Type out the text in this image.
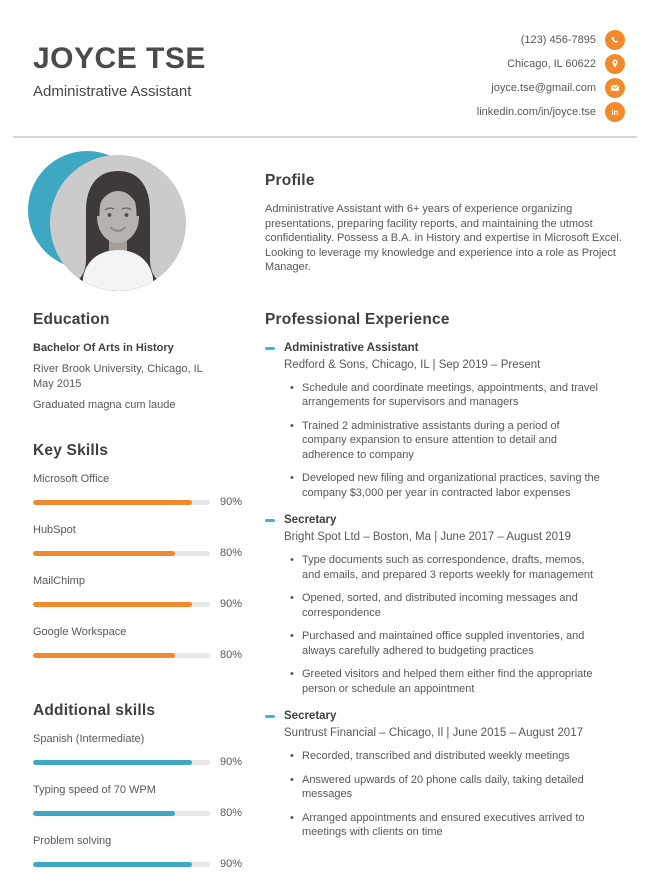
JOYCE TSE
Administrative Assistant
(123) 456-7895
Chicago, IL 60622
joyce.tse@gmail.com
linkedin.com/in/joyce.tse in
Education
Bachelor Of Arts in History
River Brook University, Chicago, IL
May 2015
Graduated magna cum laude
Key Skills
Microsoft Office
90%
HubSpot
80%
MailChimp
90%
Google Workspace
80%
Additional skills
Spanish (Intermediate)
90%
Typing speed of 70 WPM
80%
Problem solving
90%
Profile

Administrative Assistant with 6+ years of experience organizing presentations, preparing facility reports, and maintaining the utmost confidentiality. Possess a B.A. in History and expertise in Microsoft Excel. Looking to leverage my knowledge and experience into a role as Project Manager.

Professional Experience
Administrative Assistant
Redford & Sons, Chicago, IL | Sep 2019 – Present
• Schedule and coordinate meetings, appointments, and travel arrangements for supervisors and managers
• Trained 2 administrative assistants during a period of company expansion to ensure attention to detail and adherence to company
• Developed new filing and organizational practices, saving the company $3,000 per year in contracted labor expenses
Secretary
Bright Spot Ltd – Boston, Ma | June 2017 – August 2019
• Type documents such as correspondence, drafts, memos, and emails, and prepared 3 reports weekly for management
• Opened, sorted, and distributed incoming messages and correspondence
• Purchased and maintained office suppled inventories, and always carefully adhered to budgeting practices
• Greeted visitors and helped them either find the appropriate person or schedule an appointment
Secretary
Suntrust Financial – Chicago, Il | June 2015 – August 2017
• Recorded, transcribed and distributed weekly meetings
• Answered upwards of 20 phone calls daily, taking detailed messages
• Arranged appointments and ensured executives arrived to meetings with clients on time
